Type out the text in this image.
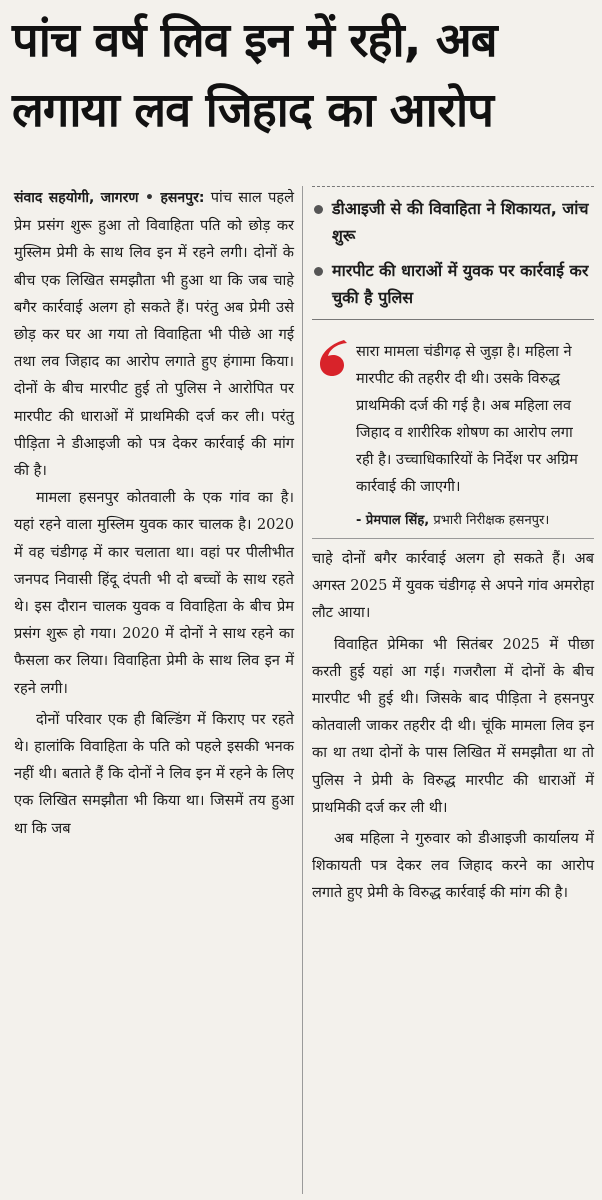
पांच वर्ष लिव इन में रही, अब
लगाया लव जिहाद का आरोप

संवाद सहयोगी, जागरण • हसनपुर: पांच साल पहले प्रेम प्रसंग शुरू हुआ तो विवाहिता पति को छोड़ कर मुस्लिम प्रेमी के साथ लिव इन में रहने लगी। दोनों के बीच एक लिखित समझौता भी हुआ था कि जब चाहे बगैर कार्रवाई अलग हो सकते हैं। परंतु अब प्रेमी उसे छोड़ कर घर आ गया तो विवाहिता भी पीछे आ गई तथा लव जिहाद का आरोप लगाते हुए हंगामा किया। दोनों के बीच मारपीट हुई तो पुलिस ने आरोपित पर मारपीट की धाराओं में प्राथमिकी दर्ज कर ली। परंतु पीड़िता ने डीआइजी को पत्र देकर कार्रवाई की मांग की है।

मामला हसनपुर कोतवाली के एक गांव का है। यहां रहने वाला मुस्लिम युवक कार चालक है। 2020 में वह चंडीगढ़ में कार चलाता था। वहां पर पीलीभीत जनपद निवासी हिंदू दंपती भी दो बच्चों के साथ रहते थे। इस दौरान चालक युवक व विवाहिता के बीच प्रेम प्रसंग शुरू हो गया। 2020 में दोनों ने साथ रहने का फैसला कर लिया। विवाहिता प्रेमी के साथ लिव इन में रहने लगी।

दोनों परिवार एक ही बिल्डिंग में किराए पर रहते थे। हालांकि विवाहिता के पति को पहले इसकी भनक नहीं थी। बताते हैं कि दोनों ने लिव इन में रहने के लिए एक लिखित समझौता भी किया था। जिसमें तय हुआ था कि जब

डीआइजी से की विवाहिता ने शिकायत, जांच शुरू

मारपीट की धाराओं में युवक पर कार्रवाई कर चुकी है पुलिस

सारा मामला चंडीगढ़ से जुड़ा है। महिला ने मारपीट की तहरीर दी थी। उसके विरुद्ध प्राथमिकी दर्ज की गई है। अब महिला लव जिहाद व शारीरिक शोषण का आरोप लगा रही है। उच्चाधिकारियों के निर्देश पर अग्रिम कार्रवाई की जाएगी।

- प्रेमपाल सिंह, प्रभारी निरीक्षक हसनपुर।

चाहे दोनों बगैर कार्रवाई अलग हो सकते हैं। अब अगस्त 2025 में युवक चंडीगढ़ से अपने गांव अमरोहा लौट आया।

विवाहित प्रेमिका भी सितंबर 2025 में पीछा करती हुई यहां आ गई। गजरौला में दोनों के बीच मारपीट भी हुई थी। जिसके बाद पीड़िता ने हसनपुर कोतवाली जाकर तहरीर दी थी। चूंकि मामला लिव इन का था तथा दोनों के पास लिखित में समझौता था तो पुलिस ने प्रेमी के विरुद्ध मारपीट की धाराओं में प्राथमिकी दर्ज कर ली थी।

अब महिला ने गुरुवार को डीआइजी कार्यालय में शिकायती पत्र देकर लव जिहाद करने का आरोप लगाते हुए प्रेमी के विरुद्ध कार्रवाई की मांग की है।
